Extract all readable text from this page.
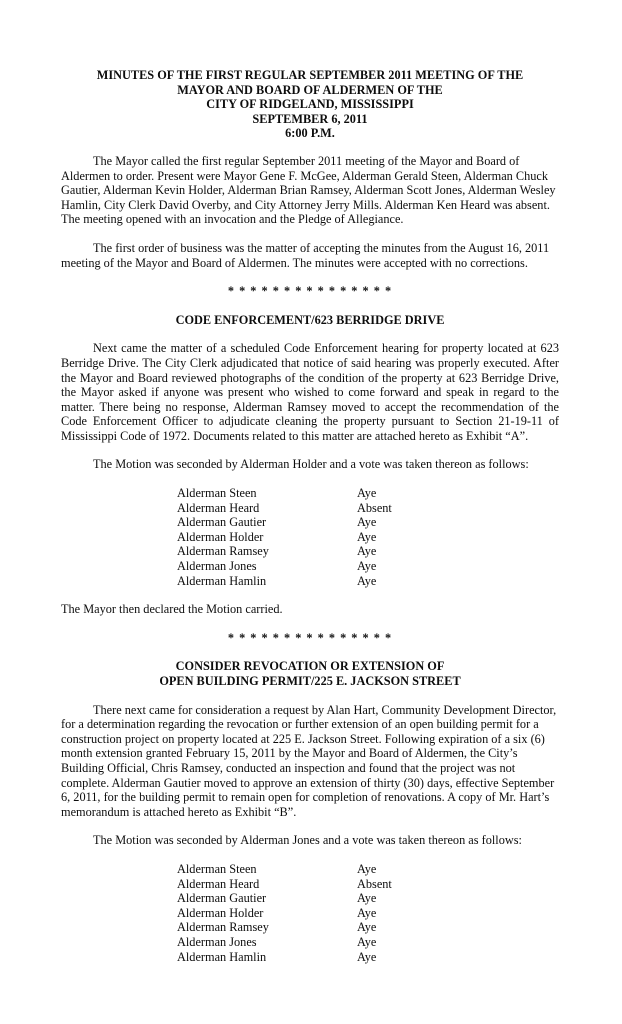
MINUTES OF THE FIRST REGULAR SEPTEMBER 2011 MEETING OF THE
MAYOR AND BOARD OF ALDERMEN OF THE
CITY OF RIDGELAND, MISSISSIPPI
SEPTEMBER 6, 2011
6:00 P.M.

The Mayor called the first regular September 2011 meeting of the Mayor and Board of Aldermen to order. Present were Mayor Gene F. McGee, Alderman Gerald Steen, Alderman Chuck Gautier, Alderman Kevin Holder, Alderman Brian Ramsey, Alderman Scott Jones, Alderman Wesley Hamlin, City Clerk David Overby, and City Attorney Jerry Mills. Alderman Ken Heard was absent. The meeting opened with an invocation and the Pledge of Allegiance.

The first order of business was the matter of accepting the minutes from the August 16, 2011 meeting of the Mayor and Board of Aldermen. The minutes were accepted with no corrections.

* * * * * * * * * * * * * * *
CODE ENFORCEMENT/623 BERRIDGE DRIVE

Next came the matter of a scheduled Code Enforcement hearing for property located at 623 Berridge Drive. The City Clerk adjudicated that notice of said hearing was properly executed. After the Mayor and Board reviewed photographs of the condition of the property at 623 Berridge Drive, the Mayor asked if anyone was present who wished to come forward and speak in regard to the matter. There being no response, Alderman Ramsey moved to accept the recommendation of the Code Enforcement Officer to adjudicate cleaning the property pursuant to Section 21-19-11 of Mississippi Code of 1972. Documents related to this matter are attached hereto as Exhibit “A”.

The Motion was seconded by Alderman Holder and a vote was taken thereon as follows:

Alderman Steen	Aye
Alderman Heard	Absent
Alderman Gautier	Aye
Alderman Holder	Aye
Alderman Ramsey	Aye
Alderman Jones	Aye
Alderman Hamlin	Aye

The Mayor then declared the Motion carried.

* * * * * * * * * * * * * * *
CONSIDER REVOCATION OR EXTENSION OF
OPEN BUILDING PERMIT/225 E. JACKSON STREET

There next came for consideration a request by Alan Hart, Community Development Director, for a determination regarding the revocation or further extension of an open building permit for a construction project on property located at 225 E. Jackson Street. Following expiration of a six (6) month extension granted February 15, 2011 by the Mayor and Board of Aldermen, the City’s Building Official, Chris Ramsey, conducted an inspection and found that the project was not complete. Alderman Gautier moved to approve an extension of thirty (30) days, effective September 6, 2011, for the building permit to remain open for completion of renovations. A copy of Mr. Hart’s memorandum is attached hereto as Exhibit “B”.

The Motion was seconded by Alderman Jones and a vote was taken thereon as follows:

Alderman Steen	Aye
Alderman Heard	Absent
Alderman Gautier	Aye
Alderman Holder	Aye
Alderman Ramsey	Aye
Alderman Jones	Aye
Alderman Hamlin	Aye
